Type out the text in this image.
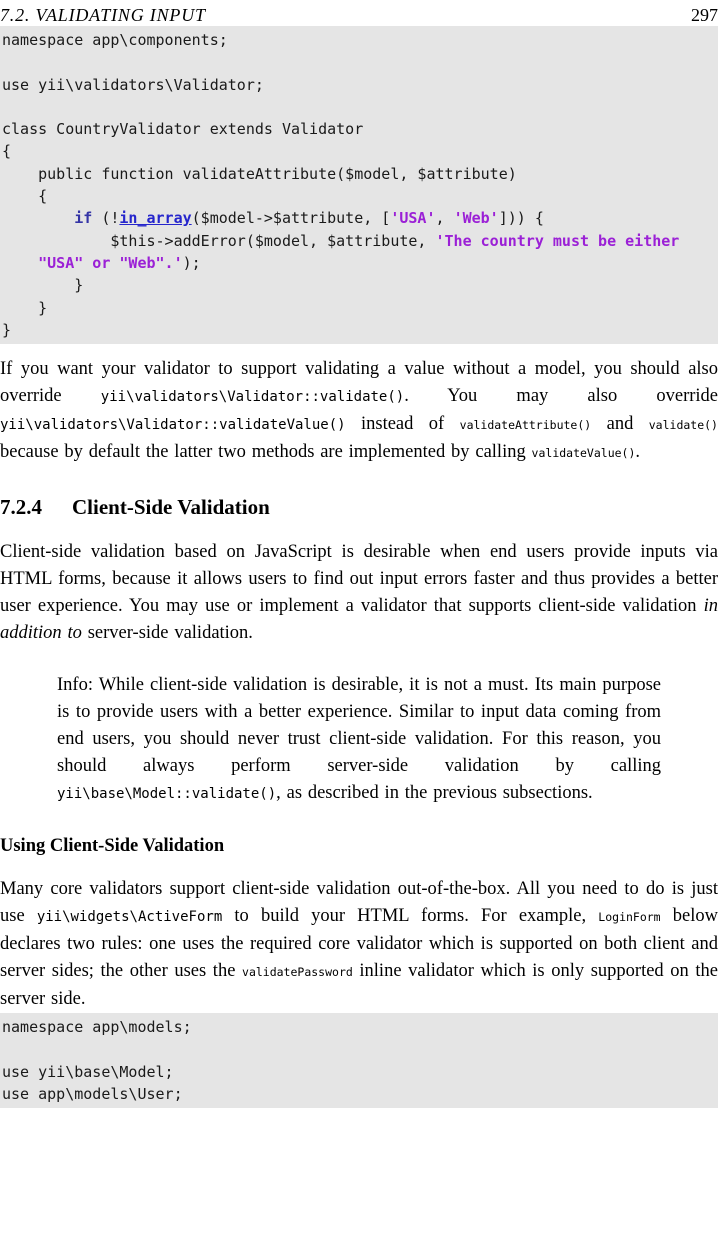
7.2. VALIDATING INPUT	297
namespace app\components;

use yii\validators\Validator;

class CountryValidator extends Validator
{
public function validateAttribute($model, $attribute)
{
if (!in_array($model->$attribute, ['USA', 'Web'])) {
$this->addError($model, $attribute, 'The country must be either
"USA" or "Web".');
}
}
}

If you want your validator to support validating a value without a model, you should also override yii\validators\Validator::validate(). You may also override yii\validators\Validator::validateValue() instead of validateAttribute() and validate() because by default the latter two methods are implemented by calling validateValue().

7.2.4 Client-Side Validation

Client-side validation based on JavaScript is desirable when end users provide inputs via HTML forms, because it allows users to find out input errors faster and thus provides a better user experience. You may use or implement a validator that supports client-side validation in addition to server-side validation.

Info: While client-side validation is desirable, it is not a must. Its main purpose is to provide users with a better experience. Similar to input data coming from end users, you should never trust client-side validation. For this reason, you should always perform server-side validation by calling yii\base\Model::validate(), as described in the previous subsections.
Using Client-Side Validation

Many core validators support client-side validation out-of-the-box. All you need to do is just use yii\widgets\ActiveForm to build your HTML forms. For example, LoginForm below declares two rules: one uses the required core validator which is supported on both client and server sides; the other uses the validatePassword inline validator which is only supported on the server side.

namespace app\models;

use yii\base\Model;
use app\models\User;
